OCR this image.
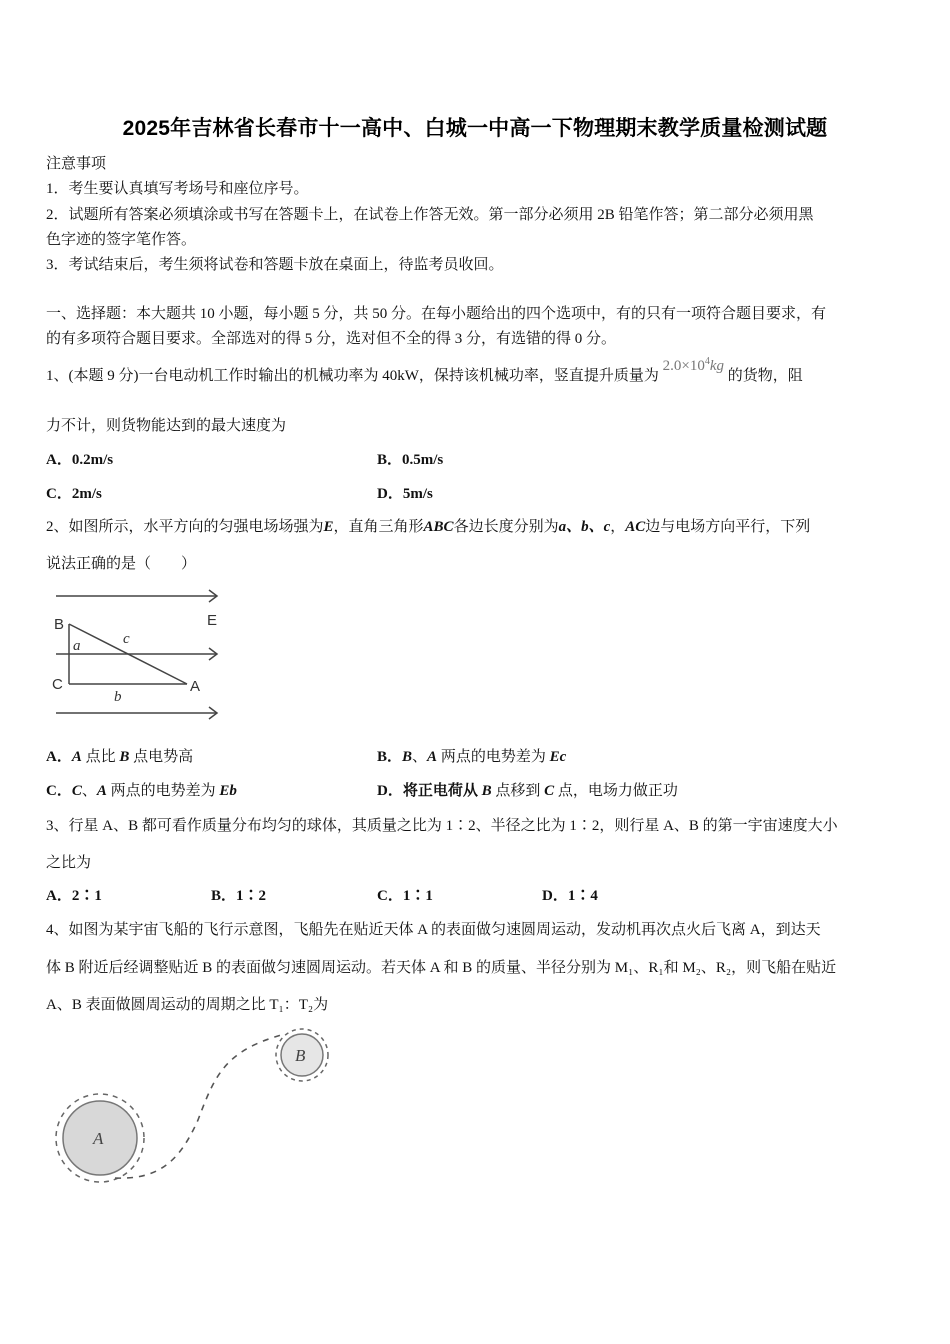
2025年吉林省长春市十一高中、白城一中高一下物理期末教学质量检测试题
注意事项
1．考生要认真填写考场号和座位序号。
2．试题所有答案必须填涂或书写在答题卡上，在试卷上作答无效。第一部分必须用 2B 铅笔作答；第二部分必须用黑
色字迹的签字笔作答。
3．考试结束后，考生须将试卷和答题卡放在桌面上，待监考员收回。
一、选择题：本大题共 10 小题，每小题 5 分，共 50 分。在每小题给出的四个选项中，有的只有一项符合题目要求，有
的有多项符合题目要求。全部选对的得 5 分，选对但不全的得 3 分，有选错的得 0 分。
1、(本题 9 分)一台电动机工作时输出的机械功率为 40kW，保持该机械功率，竖直提升质量为 $2.0\times 10^4kg$ 的货物，阻
力不计，则货物能达到的最大速度为
A．0.2m/s	B．0.5m/s
C．2m/s	D．5m/s
2、如图所示，水平方向的匀强电场场强为E，直角三角形ABC各边长度分别为a、b、c，AC边与电场方向平行，下列
说法正确的是（　　）
B	E
C	A
a	c
b
A．A 点比 B 点电势高	B．B、A 两点的电势差为 Ec
C．C、A 两点的电势差为 Eb	D．将正电荷从 B 点移到 C 点，电场力做正功
3、行星 A、B 都可看作质量分布均匀的球体，其质量之比为 1∶2、半径之比为 1∶2，则行星 A、B 的第一宇宙速度大小
之比为
A．2∶1	B．1∶2	C．1∶1	D．1∶4
4、如图为某宇宙飞船的飞行示意图，飞船先在贴近天体 A 的表面做匀速圆周运动，发动机再次点火后飞离 A，到达天
体 B 附近后经调整贴近 B 的表面做匀速圆周运动。若天体 A 和 B 的质量、半径分别为 M₁、R₁和 M₂、R₂，则飞船在贴近
A、B 表面做圆周运动的周期之比 T₁：T₂为
A
B
